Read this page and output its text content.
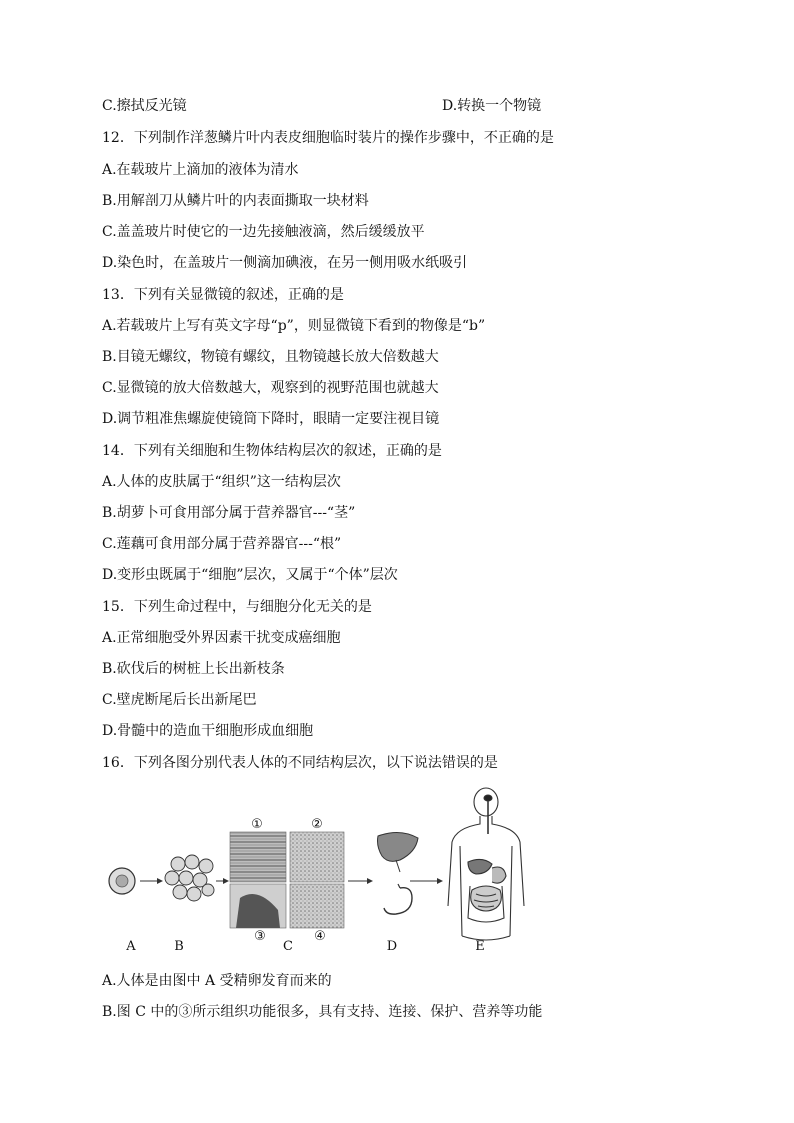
C.擦拭反光镜	D.转换一个物镜
12．下列制作洋葱鳞片叶内表皮细胞临时装片的操作步骤中，不正确的是
A.在载玻片上滴加的液体为清水
B.用解剖刀从鳞片叶的内表面撕取一块材料
C.盖盖玻片时使它的一边先接触液滴，然后缓缓放平
D.染色时，在盖玻片一侧滴加碘液，在另一侧用吸水纸吸引
13．下列有关显微镜的叙述，正确的是
A.若载玻片上写有英文字母“p”，则显微镜下看到的物像是“b”
B.目镜无螺纹，物镜有螺纹，且物镜越长放大倍数越大
C.显微镜的放大倍数越大，观察到的视野范围也就越大
D.调节粗准焦螺旋使镜筒下降时，眼睛一定要注视目镜
14．下列有关细胞和生物体结构层次的叙述，正确的是
A.人体的皮肤属于“组织”这一结构层次
B.胡萝卜可食用部分属于营养器官---“茎”
C.莲藕可食用部分属于营养器官---“根”
D.变形虫既属于“细胞”层次，又属于“个体”层次
15．下列生命过程中，与细胞分化无关的是
A.正常细胞受外界因素干扰变成癌细胞
B.砍伐后的树桩上长出新枝条
C.壁虎断尾后长出新尾巴
D.骨髓中的造血干细胞形成血细胞
16．下列各图分别代表人体的不同结构层次，以下说法错误的是
①	②
③	④
A	B	C	D	E
A.人体是由图中 A 受精卵发育而来的
B.图 C 中的③所示组织功能很多，具有支持、连接、保护、营养等功能
